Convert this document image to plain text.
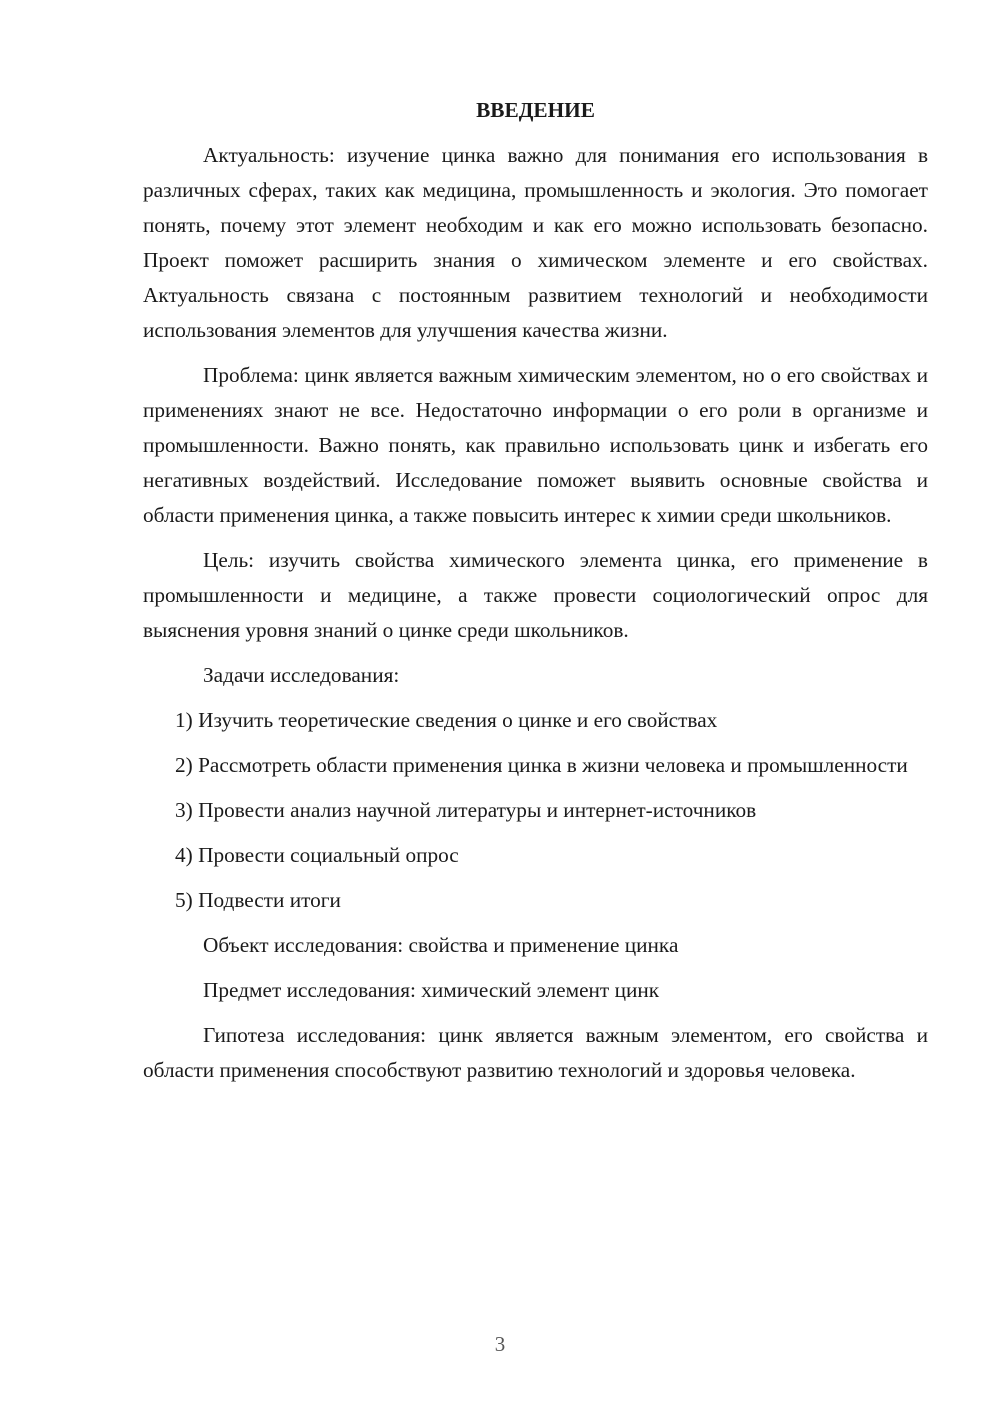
ВВЕДЕНИЕ

Актуальность: изучение цинка важно для понимания его использования в различных сферах, таких как медицина, промышленность и экология. Это помогает понять, почему этот элемент необходим и как его можно использовать безопасно. Проект поможет расширить знания о химическом элементе и его свойствах. Актуальность связана с постоянным развитием технологий и необходимости использования элементов для улучшения качества жизни.

Проблема: цинк является важным химическим элементом, но о его свойствах и применениях знают не все. Недостаточно информации о его роли в организме и промышленности. Важно понять, как правильно использовать цинк и избегать его негативных воздействий. Исследование поможет выявить основные свойства и области применения цинка, а также повысить интерес к химии среди школьников.

Цель: изучить свойства химического элемента цинка, его применение в промышленности и медицине, а также провести социологический опрос для выяснения уровня знаний о цинке среди школьников.

Задачи исследования:

1) Изучить теоретические сведения о цинке и его свойствах

2) Рассмотреть области применения цинка в жизни человека и промышленности

3) Провести анализ научной литературы и интернет-источников

4) Провести социальный опрос

5) Подвести итоги

Объект исследования: свойства и применение цинка

Предмет исследования: химический элемент цинк

Гипотеза исследования: цинк является важным элементом, его свойства и области применения способствуют развитию технологий и здоровья человека.

3
